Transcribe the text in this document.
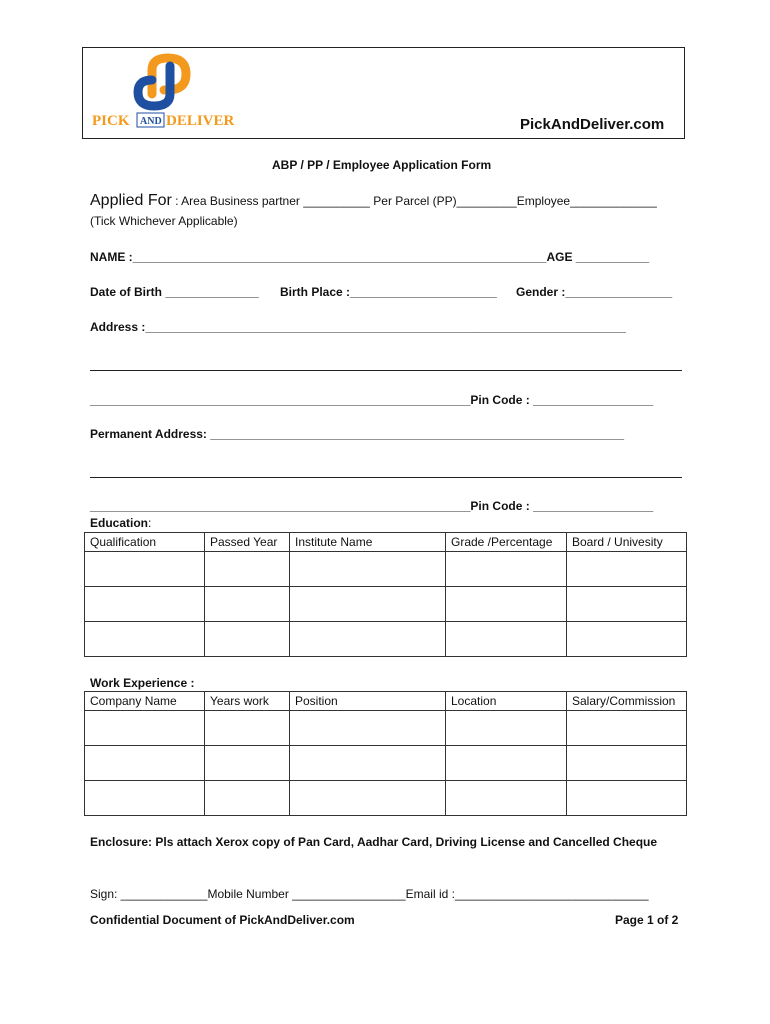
PICK AND DELIVER	PickAndDeliver.com
ABP / PP / Employee Application Form
Applied For : Area Business partner __________ Per Parcel (PP)_________Employee_____________
(Tick Whichever Applicable)
NAME :______________________________________________________________AGE ___________
Date of Birth ______________ Birth Place :______________________ Gender :________________
Address :________________________________________________________________________
_________________________________________________________Pin Code : __________________
Permanent Address: ______________________________________________________________
_________________________________________________________Pin Code : __________________
Education:
Qualification	Passed Year	Institute Name	Grade /Percentage	Board / Univesity

Work Experience :
Company Name	Years work	Position	Location	Salary/Commission

Enclosure: Pls attach Xerox copy of Pan Card, Aadhar Card, Driving License and Cancelled Cheque
Sign: _____________Mobile Number _________________Email id :_____________________________
Confidential Document of PickAndDeliver.com	Page 1 of 2
